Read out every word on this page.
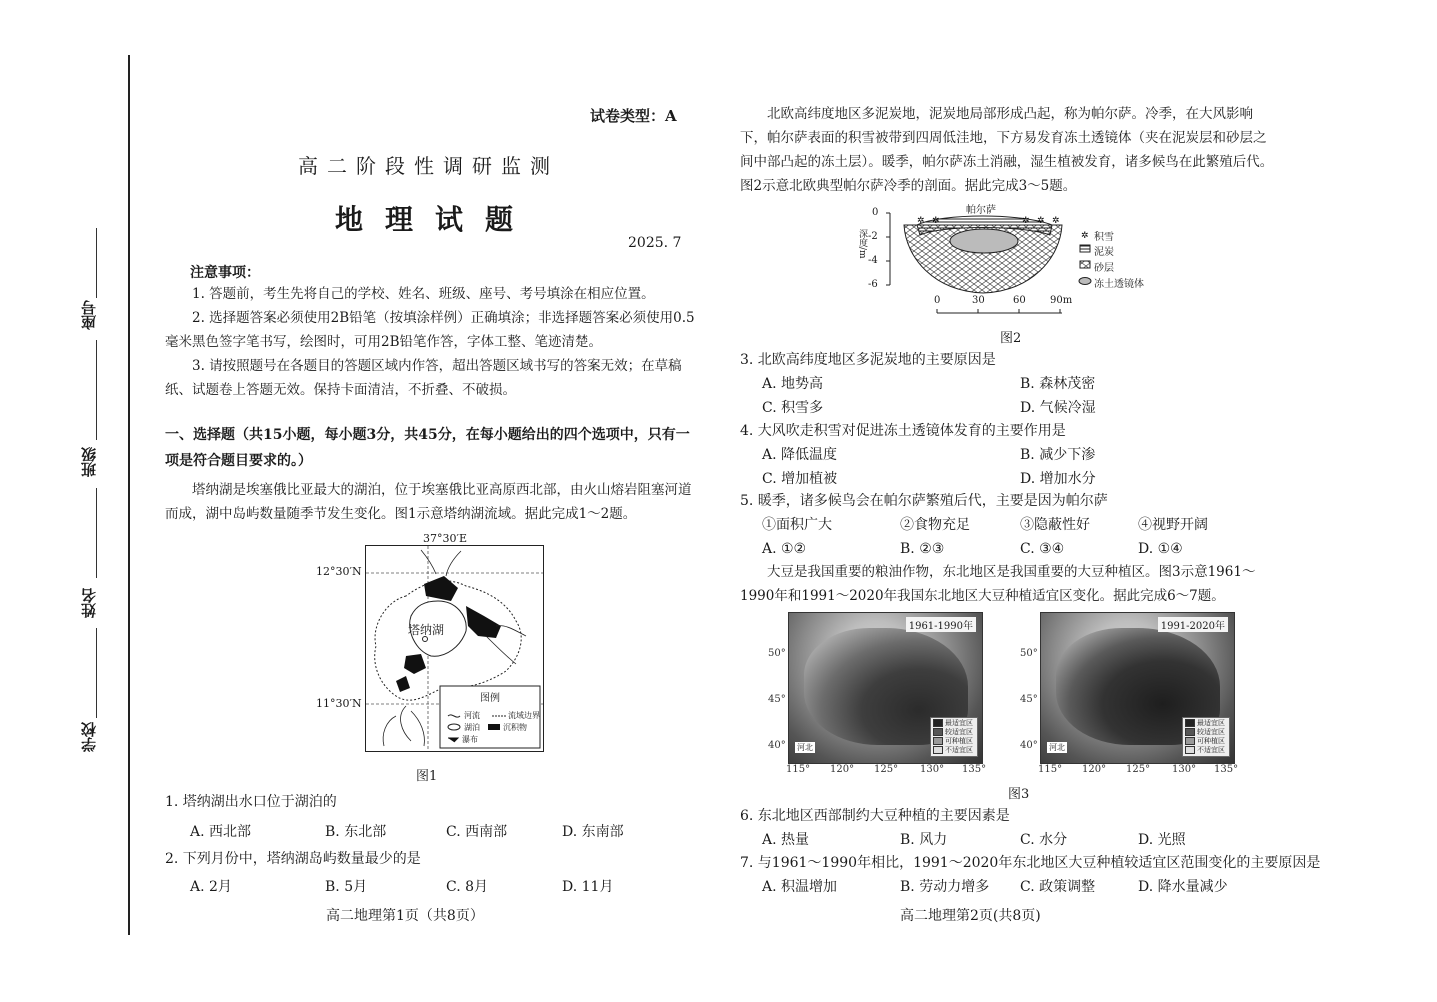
座号
班级
姓名
学校
试卷类型：A
高二阶段性调研监测
地理试题
2025. 7
注意事项：
1. 答题前，考生先将自己的学校、姓名、班级、座号、考号填涂在相应位置。
2. 选择题答案必须使用2B铅笔（按填涂样例）正确填涂；非选择题答案必须使用0.5毫米黑色签字笔书写，绘图时，可用2B铅笔作答，字体工整、笔迹清楚。
3. 请按照题号在各题目的答题区域内作答，超出答题区域书写的答案无效；在草稿纸、试题卷上答题无效。保持卡面清洁，不折叠、不破损。
一、选择题（共15小题，每小题3分，共45分，在每小题给出的四个选项中，只有一项是符合题目要求的。）
塔纳湖是埃塞俄比亚最大的湖泊，位于埃塞俄比亚高原西北部，由火山熔岩阻塞河道而成，湖中岛屿数量随季节发生变化。图1示意塔纳湖流域。据此完成1～2题。
37°30′E
12°30′N
11°30′N
塔纳湖
图例
河流	流域边界
湖泊	沉积物
瀑布
图1
1. 塔纳湖出水口位于湖泊的
A. 西北部	B. 东北部	C. 西南部	D. 东南部
2. 下列月份中，塔纳湖岛屿数量最少的是
A. 2月	B. 5月	C. 8月	D. 11月
高二地理第1页（共8页）
北欧高纬度地区多泥炭地，泥炭地局部形成凸起，称为帕尔萨。冷季，在大风影响下，帕尔萨表面的积雪被带到四周低洼地，下方易发育冻土透镜体（夹在泥炭层和砂层之间中部凸起的冻土层）。暖季，帕尔萨冻土消融，湿生植被发育，诸多候鸟在此繁殖后代。图2示意北欧典型帕尔萨冷季的剖面。据此完成3～5题。
✲ ✲	✲ ✲ ✲
✲
帕尔萨
深度/m
0
-2
-4
-6
0	30	60 90m
积雪
泥炭
砂层
冻土透镜体
图2
3. 北欧高纬度地区多泥炭地的主要原因是
A. 地势高	B. 森林茂密
C. 积雪多	D. 气候冷湿
4. 大风吹走积雪对促进冻土透镜体发育的主要作用是
A. 降低温度	B. 减少下渗
C. 增加植被	D. 增加水分
5. 暖季，诸多候鸟会在帕尔萨繁殖后代，主要是因为帕尔萨
①面积广大	②食物充足	③隐蔽性好	④视野开阔
A. ①②	B. ②③	C. ③④	D. ①④
大豆是我国重要的粮油作物，东北地区是我国重要的大豆种植区。图3示意1961～1990年和1991～2020年我国东北地区大豆种植适宜区变化。据此完成6～7题。
1961-1990年
河北
最适宜区
较适宜区
可种植区
不适宜区
50°
45°
40°
115° 120° 125° 130° 135°
1991-2020年
河北
最适宜区
较适宜区
可种植区
不适宜区
50°
45°
40°
115° 120° 125° 130° 135°
图3
6. 东北地区西部制约大豆种植的主要因素是
A. 热量	B. 风力	C. 水分	D. 光照
7. 与1961～1990年相比，1991～2020年东北地区大豆种植较适宜区范围变化的主要原因是
A. 积温增加	B. 劳动力增多 C. 政策调整	D. 降水量减少
高二地理第2页(共8页)
